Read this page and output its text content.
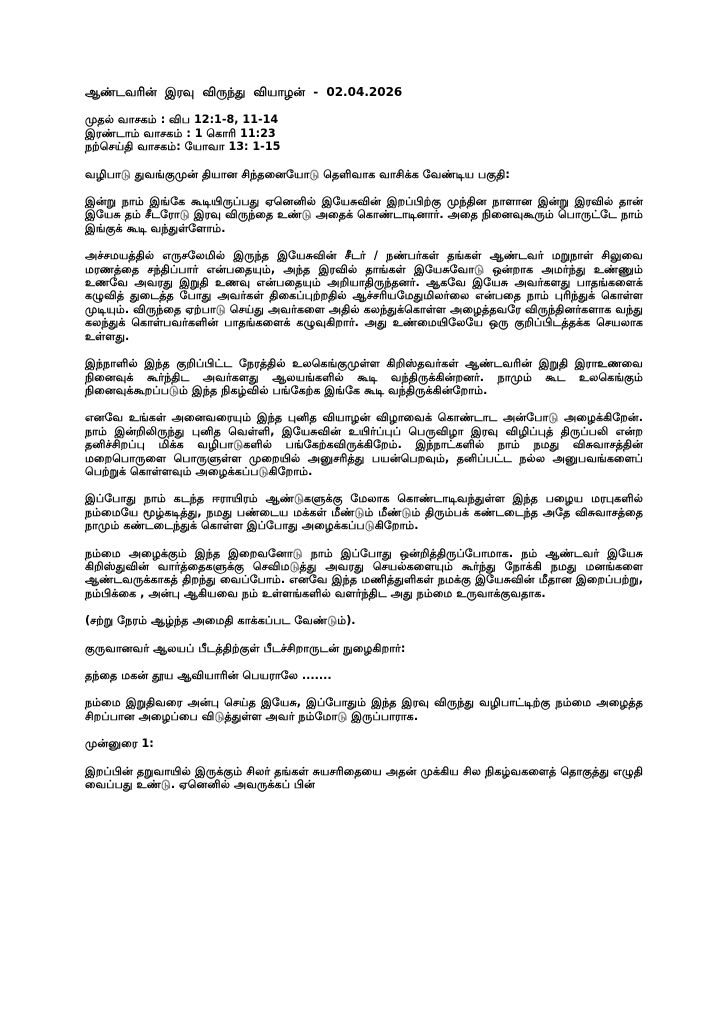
ஆண்டவரின் இரவு விருந்து வியாழன் - 02.04.2026
முதல் வாசகம் : விப 12:1-8, 11-14
இரண்டாம் வாசகம் : 1 கொரி 11:23
நற்செய்தி வாசகம்: யோவா 13: 1-15
வழிபாடு துவங்குமுன் தியான சிந்தனையோடு தெளிவாக வாசிக்க வேண்டிய பகுதி:
இன்று நாம் இங்கே கூடியிருப்பது ஏனெனில் இயேசுவின் இறப்பிற்கு முந்தின நாளான இன்று இரவில் தான் இயேசு தம் சீடரோடு இரவு விருந்தை உண்டு அதைக் கொண்டாடினார். அதை நினைவுகூரும் பொருட்டே நாம் இங்குக் கூடி வந்துள்ளோம்.
அச்சமயத்தில் எருசலேமில் இருந்த இயேசுவின் சீடர் / நண்பர்கள் தங்கள் ஆண்டவர் மறுநாள் சிலுவை மரணத்தை சந்திப்பார் என்பதையும், அந்த இரவில் தாங்கள் இயேசுவோடு ஒன்றாக அமர்ந்து உண்ணும் உணவே அவரது இறுதி உணவு என்பதையும் அறியாதிருந்தனர். ஆகவே இயேசு அவர்களது பாதங்களைக் கழுவித் துடைத்த போது அவர்கள் திகைப்புற்றதில் ஆச்சரியமேதுமிலர்லை என்பதை நாம் புரிந்துக் கொள்ள முடியும். விருந்தை ஏற்பாடு செய்து அவர்களை அதில் கலந்துக்கொள்ள அழைத்தவரே விருந்தினர்களாக வந்து கலந்துக் கொள்பவர்களின் பாதங்களைக் கழுவுகிறார். அது உண்மையிலேயே ஒரு குறிப்பிடத்தக்க செயலாக உள்ளது.
இந்நாளில் இந்த குறிப்பிட்ட நேரத்தில் உலகெங்குமுள்ள கிறிஸ்தவர்கள் ஆண்டவரின் இறுதி இராஉணவை நினைவுக் கூர்ந்திட அவர்களது ஆலயங்களில் கூடி வந்திருக்கின்றனர். நாமும் கூட உலகெங்கும் நினைவுக்கூறப்படும் இந்த நிகழ்வில் பங்கேற்க இங்கே கூடி வந்திருக்கின்றோம்.
எனவே உங்கள் அனைவரையும் இந்த புனித வியாழன் விழாவைக் கொண்டாட அன்போடு அழைக்கிறேன். நாம் இன்றிலிருந்து புனித வெள்ளி, இயேசுவின் உயிர்ப்புப் பெருவிழா இரவு விழிப்புத் திருப்பலி என்ற தனிச்சிறப்பு மிக்க வழிபாடுகளில் பங்கேற்கவிருக்கிறேம். இந்நாட்களில் நாம் நமது விசுவாசத்தின் மறைபொருளை பொருளுள்ள முறையில் அனுசரித்து பயன்பெறவும், தனிப்பட்ட நல்ல அனுபவங்களைப் பெற்றுக் கொள்ளவும் அழைக்கப்படுகிறோம்.
இப்போது நாம் கடந்த ஈராயிரம் ஆண்டுகளுக்கு மேலாக கொண்டாடிவந்துள்ள இந்த பழைய மரபுகளில் நம்மையே மூழ்கடித்து, நமது பண்டைய மக்கள் மீண்டும் மீண்டும் திரும்பக் கண்டடைந்த அதே விசுவாசத்தை நாமும் கண்டடைந்துக் கொள்ள இப்போது அழைக்கப்படுகிறோம்.
நம்மை அழைக்கும் இந்த இறைவனோடு நாம் இப்போது ஒன்றித்திருப்போமாக. நம் ஆண்டவர் இயேசு கிறிஸ்துவின் வார்த்தைகளுக்கு செவிமடுத்து அவரது செயல்களையும் கூர்ந்து நோக்கி நமது மனங்களை ஆண்டவருக்காகத் திறந்து வைப்போம். எனவே இந்த மணித்துளிகள் நமக்கு இயேசுவின் மீதான இறைப்பற்று, நம்பிக்கை , அன்பு ஆகியவை நம் உள்ளங்களில் வளர்ந்திட அது நம்மை உருவாக்குவதாக.
(சற்று நேரம் ஆழ்ந்த அமைதி காக்கப்பட வேண்டும்).
குருவானவர் ஆலயப் பீடத்திற்குள் பீடச்சிறாருடன் நுழைகிறார்:
தந்தை மகன் தூய ஆவியாரின் பெயராலே .......
நம்மை இறுதிவரை அன்பு செய்த இயேசு, இப்போதும் இந்த இரவு விருந்து வழிபாட்டிற்கு நம்மை அழைத்த சிறப்பான அழைப்பை விடுத்துள்ள அவர் நம்மோடு இருப்பாராக.
முன்னுரை 1:
இறப்பின் தறுவாயில் இருக்கும் சிலர் தங்கள் சுயசரிதையை அதன் முக்கிய சில நிகழ்வகளைத் தொகுத்து எழுதி வைப்பது உண்டு. ஏனெனில் அவருக்கப் பின்
